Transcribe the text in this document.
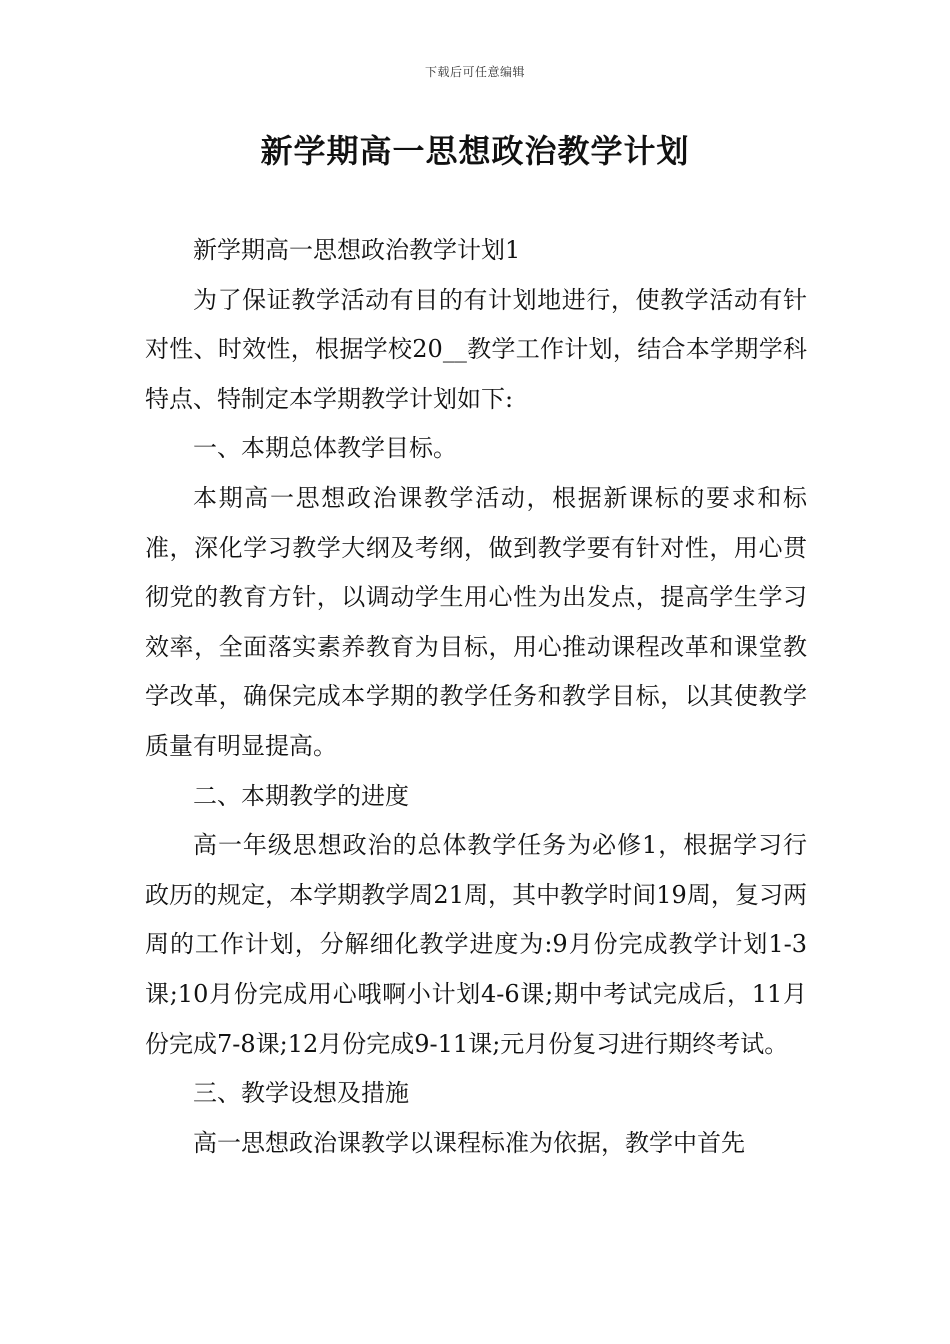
下载后可任意编辑
新学期高一思想政治教学计划

新学期高一思想政治教学计划1

为了保证教学活动有目的有计划地进行，使教学活动有针对性、时效性，根据学校20__教学工作计划，结合本学期学科特点、特制定本学期教学计划如下:

一、本期总体教学目标。

本期高一思想政治课教学活动，根据新课标的要求和标准，深化学习教学大纲及考纲，做到教学要有针对性，用心贯彻党的教育方针，以调动学生用心性为出发点，提高学生学习效率，全面落实素养教育为目标，用心推动课程改革和课堂教学改革，确保完成本学期的教学任务和教学目标，以其使教学质量有明显提高。

二、本期教学的进度

高一年级思想政治的总体教学任务为必修1，根据学习行政历的规定，本学期教学周21周，其中教学时间19周，复习两周的工作计划，分解细化教学进度为:9月份完成教学计划1-3课;10月份完成用心哦啊小计划4-6课;期中考试完成后，11月份完成7-8课;12月份完成9-11课;元月份复习进行期终考试。

三、教学设想及措施

高一思想政治课教学以课程标准为依据，教学中首先
